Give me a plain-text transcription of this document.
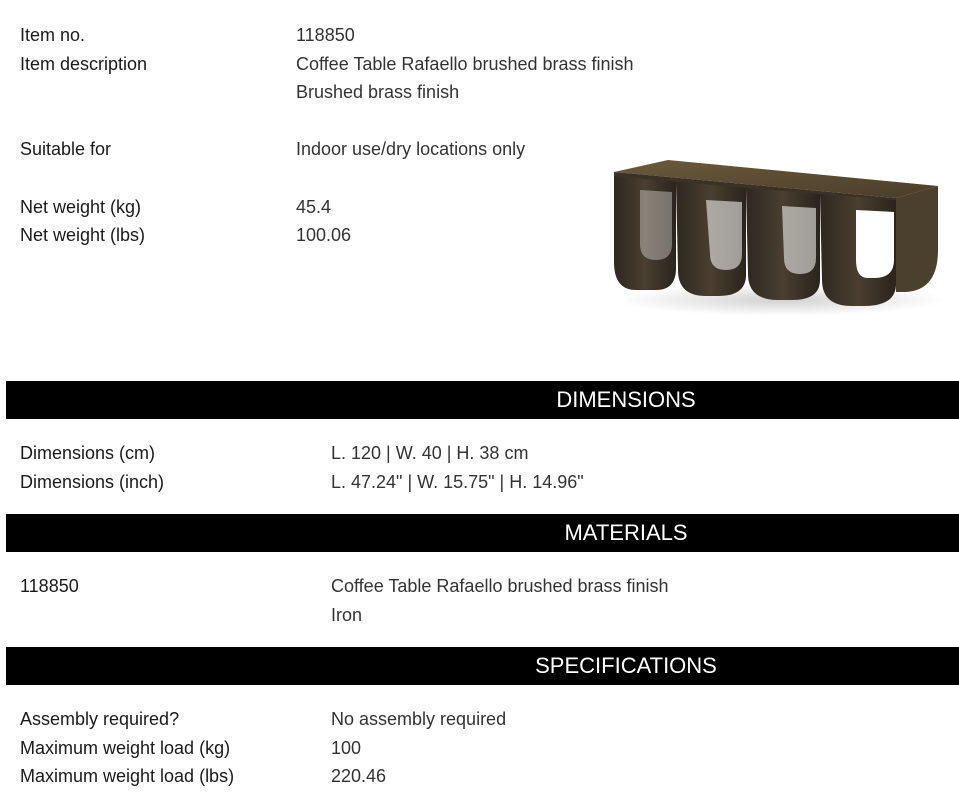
Item no.	118850
Item description	Coffee Table Rafaello brushed brass finish
Brushed brass finish
Suitable for	Indoor use/dry locations only
Net weight (kg)	45.4
Net weight (lbs)	100.06
DIMENSIONS
Dimensions (cm)	L. 120 | W. 40 | H. 38 cm
Dimensions (inch)	L. 47.24" | W. 15.75" | H. 14.96"
MATERIALS
118850	Coffee Table Rafaello brushed brass finish
Iron
SPECIFICATIONS
Assembly required?	No assembly required
Maximum weight load (kg)	100
Maximum weight load (lbs)	220.46
